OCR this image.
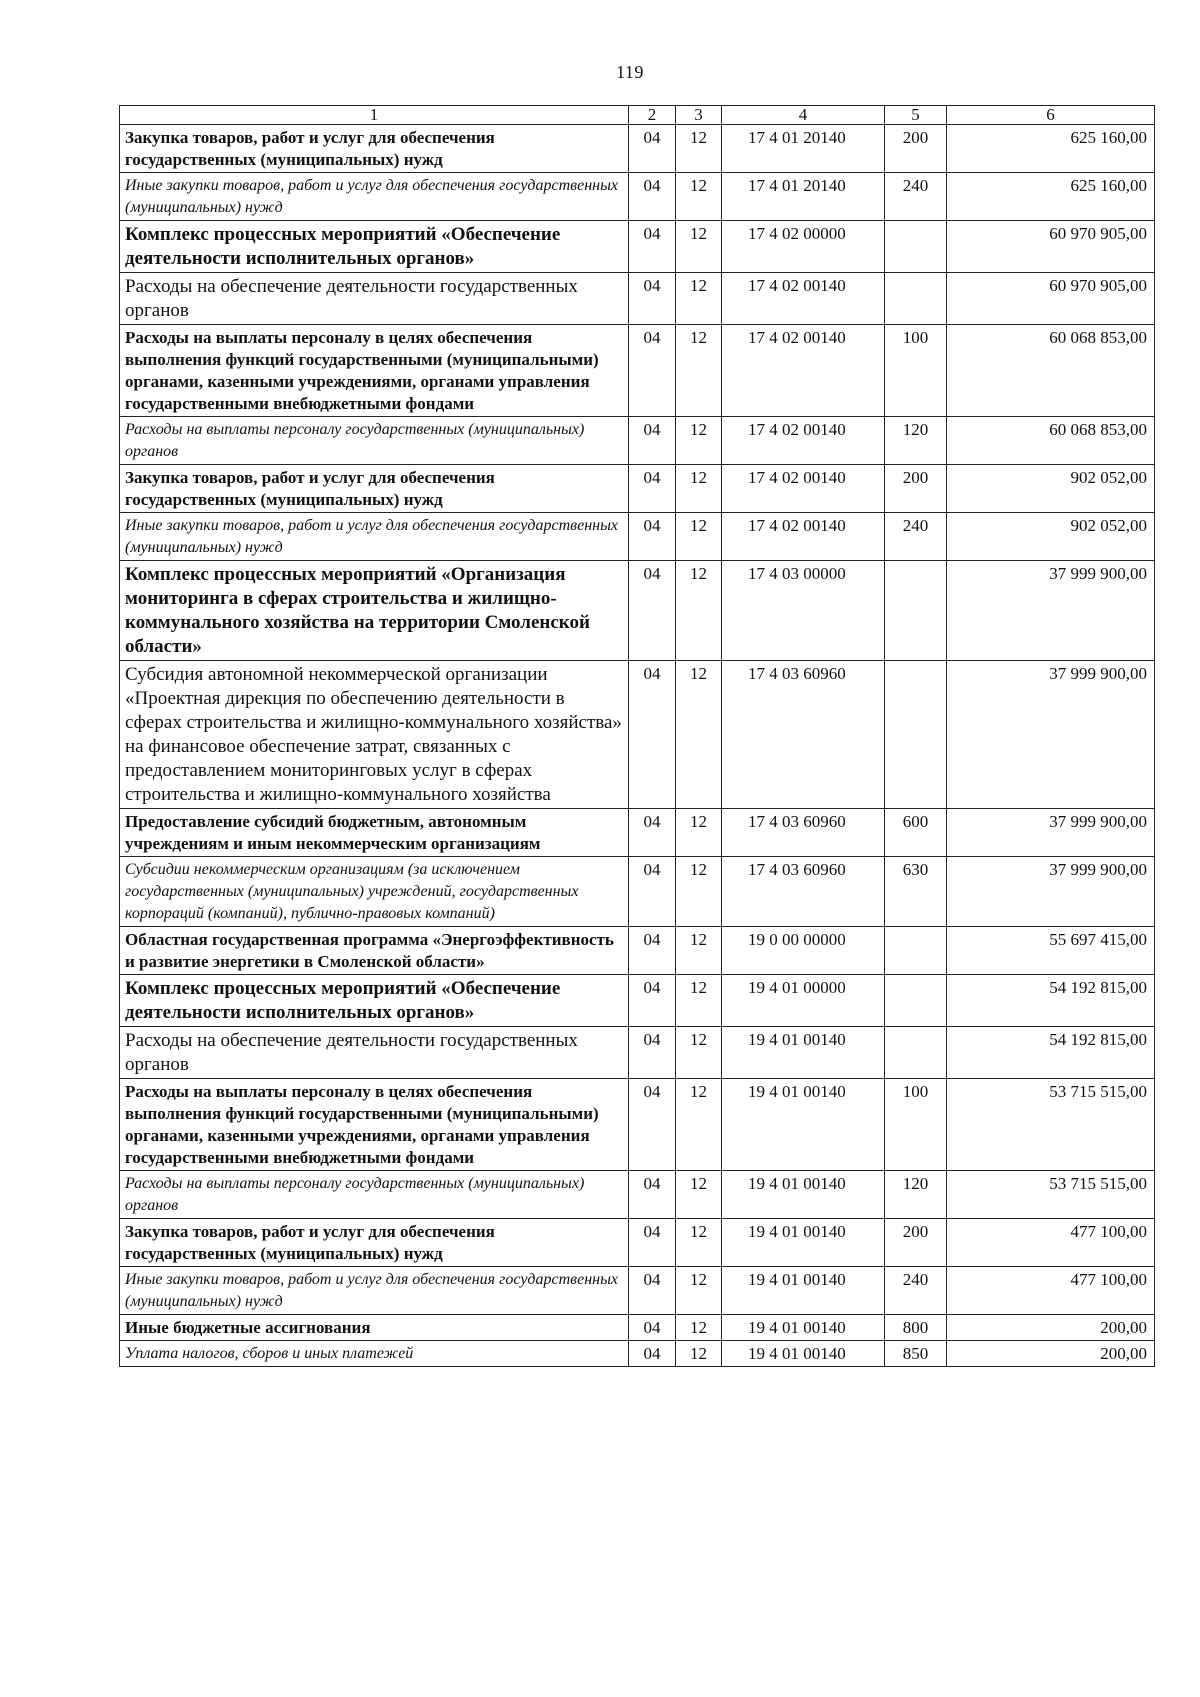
119
1	2	3	4	5	6
Закупка товаров, работ и услуг для обеспечения государственных (муниципальных) нужд	04	12	17 4 01 20140	200	625 160,00
Иные закупки товаров, работ и услуг для обеспечения государственных (муниципальных) нужд	04	12	17 4 01 20140	240	625 160,00
Комплекс процессных мероприятий «Обеспечение деятельности исполнительных органов»	04	12	17 4 02 00000		60 970 905,00
Расходы на обеспечение деятельности государственных органов	04	12	17 4 02 00140		60 970 905,00
Расходы на выплаты персоналу в целях обеспечения выполнения функций государственными (муниципальными) органами, казенными учреждениями, органами управления государственными внебюджетными фондами	04	12	17 4 02 00140	100	60 068 853,00
Расходы на выплаты персоналу государственных (муниципальных) органов	04	12	17 4 02 00140	120	60 068 853,00
Закупка товаров, работ и услуг для обеспечения государственных (муниципальных) нужд	04	12	17 4 02 00140	200	902 052,00
Иные закупки товаров, работ и услуг для обеспечения государственных (муниципальных) нужд	04	12	17 4 02 00140	240	902 052,00
Комплекс процессных мероприятий «Организация мониторинга в сферах строительства и жилищно-коммунального хозяйства на территории Смоленской области»	04	12	17 4 03 00000		37 999 900,00
Субсидия автономной некоммерческой организации «Проектная дирекция по обеспечению деятельности в сферах строительства и жилищно-коммунального хозяйства» на финансовое обеспечение затрат, связанных с предоставлением мониторинговых услуг в сферах строительства и жилищно-коммунального хозяйства	04	12	17 4 03 60960		37 999 900,00
Предоставление субсидий бюджетным, автономным учреждениям и иным некоммерческим организациям	04	12	17 4 03 60960	600	37 999 900,00
Субсидии некоммерческим организациям (за исключением государственных (муниципальных) учреждений, государственных корпораций (компаний), публично-правовых компаний)	04	12	17 4 03 60960	630	37 999 900,00
Областная государственная программа «Энергоэффективность и развитие энергетики в Смоленской области»	04	12	19 0 00 00000		55 697 415,00
Комплекс процессных мероприятий «Обеспечение деятельности исполнительных органов»	04	12	19 4 01 00000		54 192 815,00
Расходы на обеспечение деятельности государственных органов	04	12	19 4 01 00140		54 192 815,00
Расходы на выплаты персоналу в целях обеспечения выполнения функций государственными (муниципальными) органами, казенными учреждениями, органами управления государственными внебюджетными фондами	04	12	19 4 01 00140	100	53 715 515,00
Расходы на выплаты персоналу государственных (муниципальных) органов	04	12	19 4 01 00140	120	53 715 515,00
Закупка товаров, работ и услуг для обеспечения государственных (муниципальных) нужд	04	12	19 4 01 00140	200	477 100,00
Иные закупки товаров, работ и услуг для обеспечения государственных (муниципальных) нужд	04	12	19 4 01 00140	240	477 100,00
Иные бюджетные ассигнования	04	12	19 4 01 00140	800	200,00
Уплата налогов, сборов и иных платежей	04	12	19 4 01 00140	850	200,00
